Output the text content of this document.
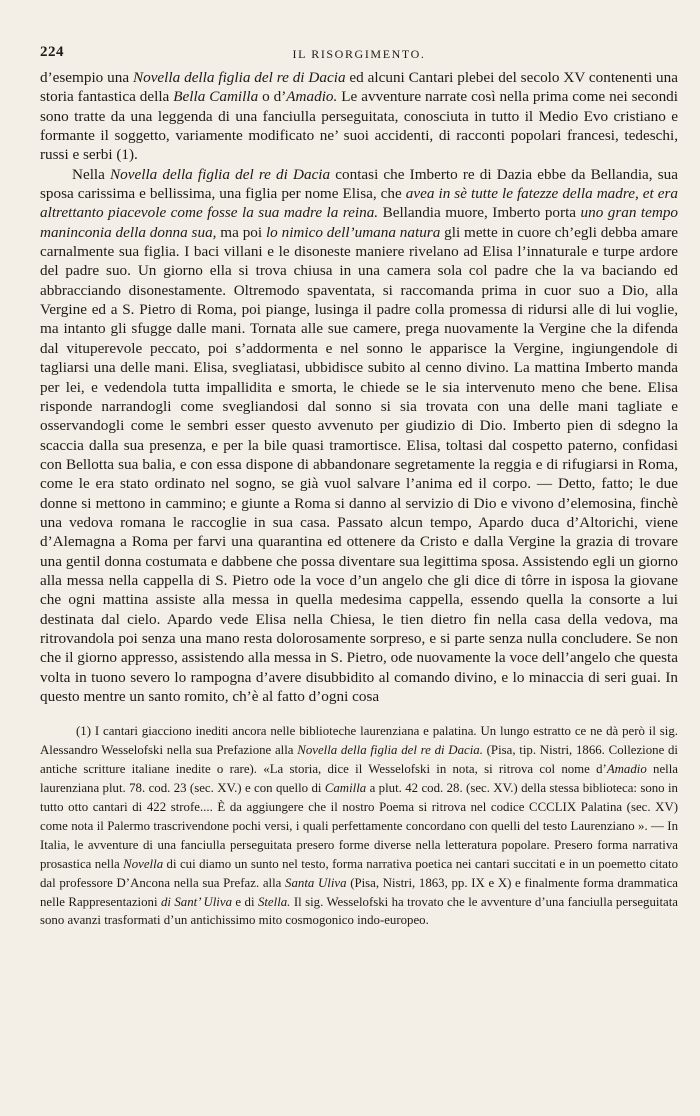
224	IL RISORGIMENTO.

d’esempio una Novella della figlia del re di Dacia ed alcuni Cantari plebei del secolo XV contenenti una storia fantastica della Bella Camilla o d’Amadio. Le avventure narrate così nella prima come nei secondi sono tratte da una leggenda di una fanciulla perseguitata, conosciuta in tutto il Medio Evo cristiano e formante il soggetto, variamente modificato ne’ suoi accidenti, di racconti popolari francesi, tedeschi, russi e serbi (1).

Nella Novella della figlia del re di Dacia contasi che Imberto re di Dazia ebbe da Bellandia, sua sposa carissima e bellissima, una figlia per nome Elisa, che avea in sè tutte le fatezze della madre, et era altrettanto piacevole come fosse la sua madre la reina. Bellandia muore, Imberto porta uno gran tempo maninconia della donna sua, ma poi lo nimico dell’umana natura gli mette in cuore ch’egli debba amare carnalmente sua figlia. I baci villani e le disoneste maniere rivelano ad Elisa l’innaturale e turpe ardore del padre suo. Un giorno ella si trova chiusa in una camera sola col padre che la va baciando ed abbracciando disonestamente. Oltremodo spaventata, si raccomanda prima in cuor suo a Dio, alla Vergine ed a S. Pietro di Roma, poi piange, lusinga il padre colla promessa di ridursi alle di lui voglie, ma intanto gli sfugge dalle mani. Tornata alle sue camere, prega nuovamente la Vergine che la difenda dal vituperevole peccato, poi s’addormenta e nel sonno le apparisce la Vergine, ingiungendole di tagliarsi una delle mani. Elisa, svegliatasi, ubbidisce subito al cenno divino. La mattina Imberto manda per lei, e vedendola tutta impallidita e smorta, le chiede se le sia intervenuto meno che bene. Elisa risponde narrandogli come svegliandosi dal sonno si sia trovata con una delle mani tagliate e osservandogli come le sembri esser questo avvenuto per giudizio di Dio. Imberto pien di sdegno la scaccia dalla sua presenza, e per la bile quasi tramortisce. Elisa, toltasi dal cospetto paterno, confidasi con Bellotta sua balia, e con essa dispone di abbandonare segretamente la reggia e di rifugiarsi in Roma, come le era stato ordinato nel sogno, se già vuol salvare l’anima ed il corpo. — Detto, fatto; le due donne si mettono in cammino; e giunte a Roma si danno al servizio di Dio e vivono d’elemosina, finchè una vedova romana le raccoglie in sua casa. Passato alcun tempo, Apardo duca d’Altorichi, viene d’Alemagna a Roma per farvi una quarantina ed ottenere da Cristo e dalla Vergine la grazia di trovare una gentil donna costumata e dabbene che possa diventare sua legittima sposa. Assistendo egli un giorno alla messa nella cappella di S. Pietro ode la voce d’un angelo che gli dice di tôrre in isposa la giovane che ogni mattina assiste alla messa in quella medesima cappella, essendo quella la consorte a lui destinata dal cielo. Apardo vede Elisa nella Chiesa, le tien dietro fin nella casa della vedova, ma ritrovandola poi senza una mano resta dolorosamente sorpreso, e si parte senza nulla concludere. Se non che il giorno appresso, assistendo alla messa in S. Pietro, ode nuovamente la voce dell’angelo che questa volta in tuono severo lo rampogna d’avere disubbidito al comando divino, e lo minaccia di seri guai. In questo mentre un santo romito, ch’è al fatto d’ogni cosa

(1) I cantari giacciono inediti ancora nelle biblioteche laurenziana e palatina. Un lungo estratto ce ne dà però il sig. Alessandro Wesselofski nella sua Prefazione alla Novella della figlia del re di Dacia. (Pisa, tip. Nistri, 1866. Collezione di antiche scritture italiane inedite o rare). «La storia, dice il Wesselofski in nota, si ritrova col nome d’Amadio nella laurenziana plut. 78. cod. 23 (sec. XV.) e con quello di Camilla a plut. 42 cod. 28. (sec. XV.) della stessa biblioteca: sono in tutto otto cantari di 422 strofe.... È da aggiungere che il nostro Poema si ritrova nel codice CCCLIX Palatina (sec. XV) come nota il Palermo trascrivendone pochi versi, i quali perfettamente concordano con quelli del testo Laurenziano ». — In Italia, le avventure di una fanciulla perseguitata presero forme diverse nella letteratura popolare. Presero forma narrativa prosastica nella Novella di cui diamo un sunto nel testo, forma narrativa poetica nei cantari succitati e in un poemetto citato dal professore D’Ancona nella sua Prefaz. alla Santa Uliva (Pisa, Nistri, 1863, pp. IX e X) e finalmente forma drammatica nelle Rappresentazioni di Sant’ Uliva e di Stella. Il sig. Wesselofski ha trovato che le avventure d’una fanciulla perseguitata sono avanzi trasformati d’un antichissimo mito cosmogonico indo-europeo.
